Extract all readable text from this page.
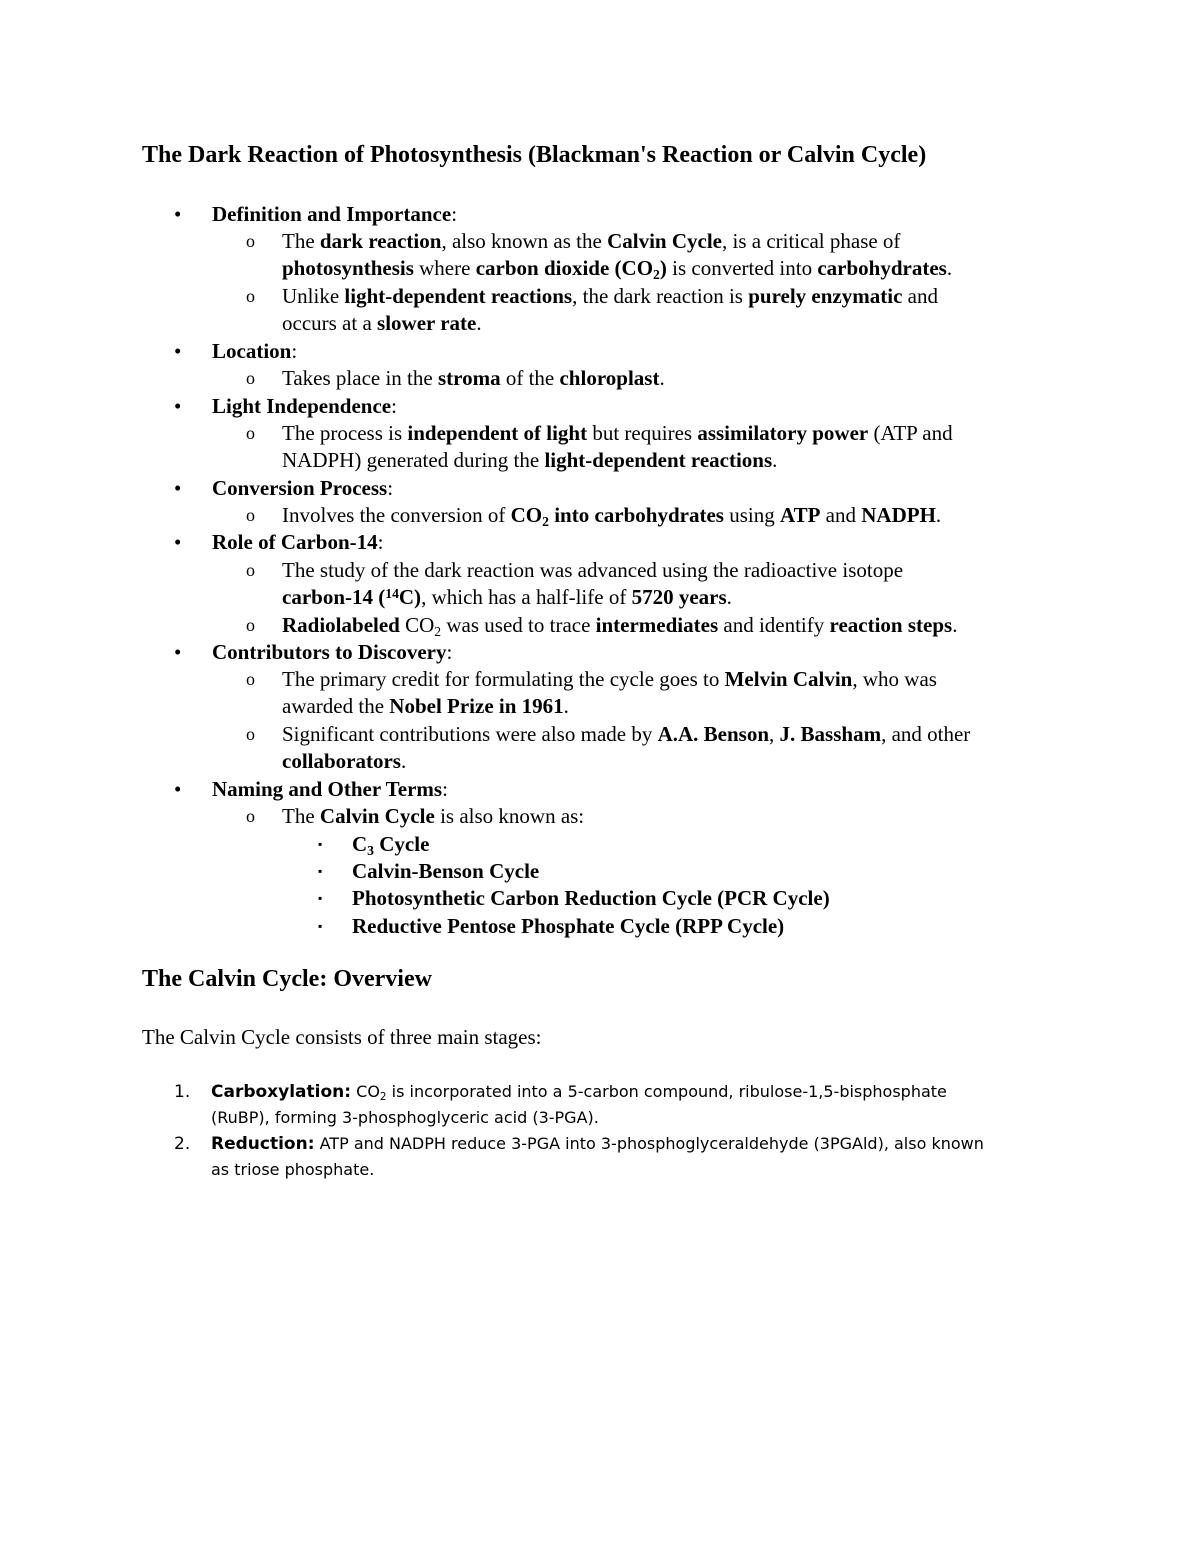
The Dark Reaction of Photosynthesis (Blackman's Reaction or Calvin Cycle)
• Definition and Importance:
o The dark reaction, also known as the Calvin Cycle, is a critical phase of
photosynthesis where carbon dioxide $(CO_2)$ is converted into carbohydrates.
o Unlike light-dependent reactions, the dark reaction is purely enzymatic and
occurs at a slower rate.
• Location:
o Takes place in the stroma of the chloroplast.
• Light Independence:
o The process is independent of light but requires assimilatory power (ATP and
NADPH) generated during the light-dependent reactions.
• Conversion Process:
o Involves the conversion of $CO_2$ into carbohydrates using ATP and NADPH.
• Role of Carbon-14:
o The study of the dark reaction was advanced using the radioactive isotope
carbon-14 ($^{14}$C), which has a half-life of 5720 years.
o Radiolabeled $CO_2$ was used to trace intermediates and identify reaction steps.
• Contributors to Discovery:
o The primary credit for formulating the cycle goes to Melvin Calvin, who was
awarded the Nobel Prize in 1961.
o Significant contributions were also made by A.A. Benson, J. Bassham, and other
collaborators.
• Naming and Other Terms:
o The Calvin Cycle is also known as:
▪ $C_3$ Cycle
▪ Calvin-Benson Cycle
▪ Photosynthetic Carbon Reduction Cycle (PCR Cycle)
▪ Reductive Pentose Phosphate Cycle (RPP Cycle)
The Calvin Cycle: Overview
The Calvin Cycle consists of three main stages:
1. Carboxylation: $CO_2$ is incorporated into a 5-carbon compound, ribulose-1,5-bisphosphate
(RuBP), forming 3-phosphoglyceric acid (3-PGA).
2. Reduction: ATP and NADPH reduce 3-PGA into 3-phosphoglyceraldehyde (3PGAld), also known
as triose phosphate.
